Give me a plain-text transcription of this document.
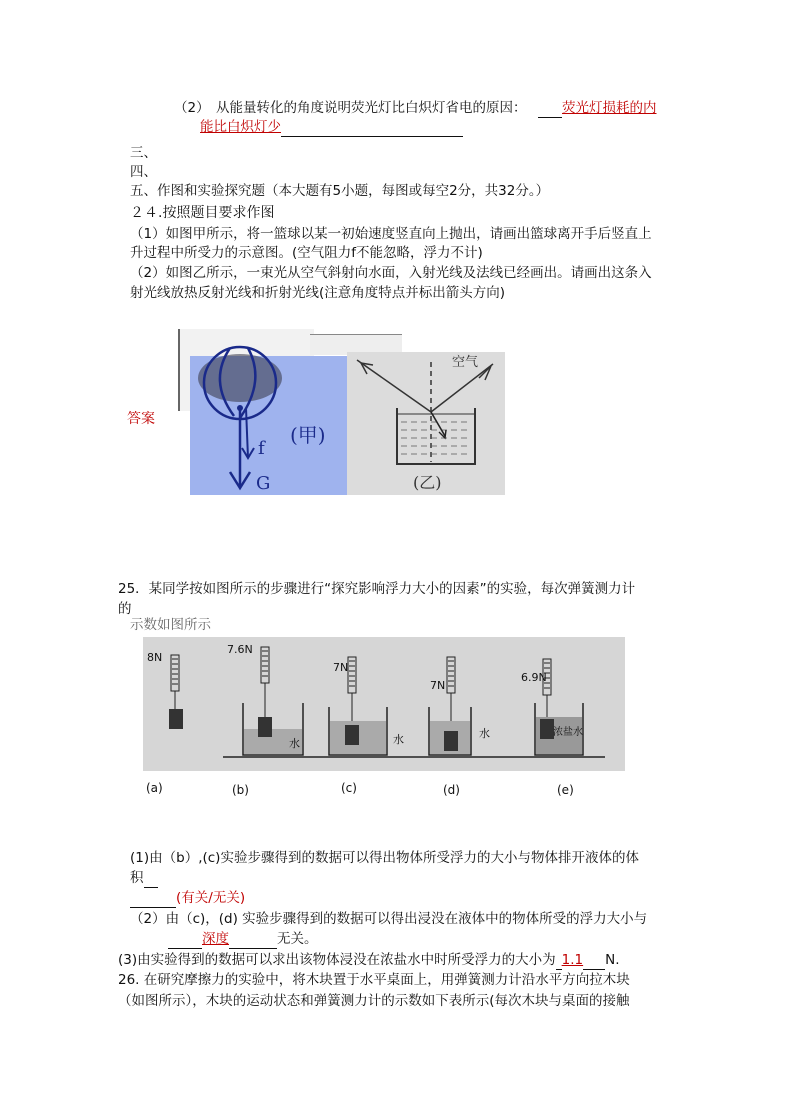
（2） 从能量转化的角度说明荧光灯比白炽灯省电的原因：	荧光灯损耗的内
能比白炽灯少
三、
四、
五、作图和实验探究题（本大题有5小题，每图或每空2分，共32分。）
２４.按照题目要求作图
（1）如图甲所示，将一篮球以某一初始速度竖直向上抛出，请画出篮球离开手后竖直上
升过程中所受力的示意图。(空气阻力f不能忽略，浮力不计)
（2）如图乙所示，一束光从空气斜射向水面，入射光线及法线已经画出。请画出这条入
射光线放热反射光线和折射光线(注意角度特点并标出箭头方向)
答案
f
G
(甲)
空气
(乙)
25．某同学按如图所示的步骤进行“探究影响浮力大小的因素”的实验，每次弹簧测力计
的
示数如图所示
8N
7.6N
水
7N
水
7N
水
6.9N
浓盐水
(a)	(b)	(c)	(d)	(e)
(1)由（b）,(c)实验步骤得到的数据可以得出物体所受浮力的大小与物体排开液体的体
积
(有关/无关)
（2）由（c)，(d) 实验步骤得到的数据可以得出浸没在液体中的物体所受的浮力大小与
深度	无关。
(3)由实验得到的数据可以求出该物体浸没在浓盐水中时所受浮力的大小为 1.1 N.
26. 在研究摩擦力的实验中，将木块置于水平桌面上，用弹簧测力计沿水平方向拉木块
（如图所示），木块的运动状态和弹簧测力计的示数如下表所示(每次木块与桌面的接触
